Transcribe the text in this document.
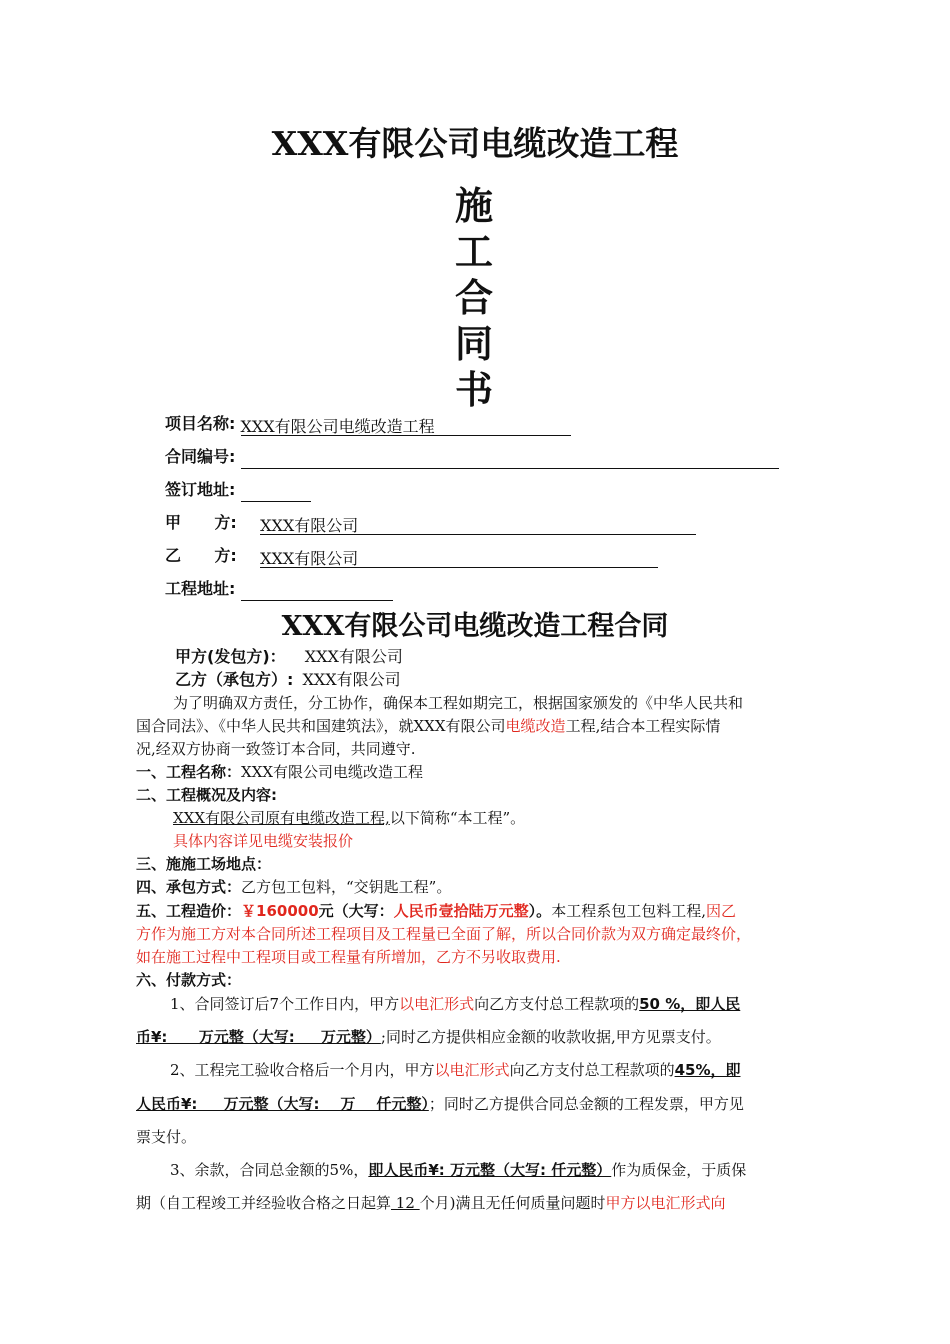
XXX有限公司电缆改造工程
施
工
合
同
书
项目名称: XXX有限公司电缆改造工程
合同编号:
签订地址:
甲      方: XXX有限公司
乙      方: XXX有限公司
工程地址:
XXX有限公司电缆改造工程合同
甲方(发包方)： XXX有限公司
乙方（承包方）: XXX有限公司
为了明确双方责任，分工协作，确保本工程如期完工，根据国家颁发的《中华人民共和
国合同法》、《中华人民共和国建筑法》，就XXX有限公司电缆改造工程,结合本工程实际情
况,经双方协商一致签订本合同，共同遵守.
一、工程名称：XXX有限公司电缆改造工程
二、工程概况及内容:
XXX有限公司原有电缆改造工程,以下简称“本工程”。
具体内容详见电缆安装报价
三、施施工场地点：
四、承包方式：乙方包工包料，“交钥匙工程”。
五、工程造价：￥160000元（大写：人民币壹拾陆万元整）。本工程系包工包料工程,因乙
方作为施工方对本合同所述工程项目及工程量已全面了解，所以合同价款为双方确定最终价，
如在施工过程中工程项目或工程量有所增加，乙方不另收取费用.
六、付款方式：
1、合同签订后7个工作日内，甲方以电汇形式向乙方支付总工程款项的50 %，即人民
币¥:      万元整（大写:     万元整）;同时乙方提供相应金额的收款收据,甲方见票支付。
2、工程完工验收合格后一个月内，甲方以电汇形式向乙方支付总工程款项的45%，即
人民币¥:     万元整（大写:    万    仟元整）；同时乙方提供合同总金额的工程发票，甲方见
票支付。
3、余款，合同总金额的5%，即人民币¥: 万元整（大写: 仟元整）作为质保金，于质保
期（自工程竣工并经验收合格之日起算 12 个月)满且无任何质量问题时甲方以电汇形式向
